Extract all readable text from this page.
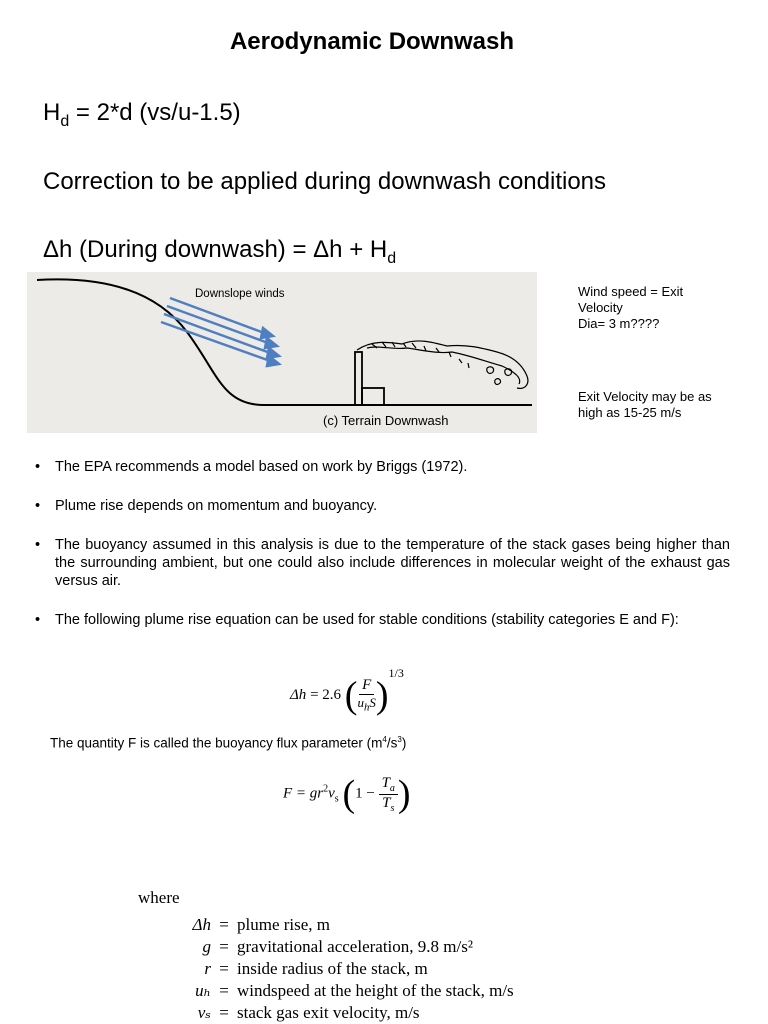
Aerodynamic Downwash
$H_d = 2*d$ (vs/u-1.5)
Correction to be applied during downwash conditions
Δh (During downwash) = $\Delta h + H_d$
Downslope winds
(c) Terrain Downwash
Wind speed = Exit
Velocity
Dia= 3 m????
Exit Velocity may be as
high as 15-25 m/s
• The EPA recommends a model based on work by Briggs (1972).
• Plume rise depends on momentum and buoyancy.
• The buoyancy assumed in this analysis is due to the temperature of the stack gases being higher than the surrounding ambient, but one could also include differences in molecular weight of the exhaust gas versus air.
• The following plume rise equation can be used for stable conditions (stability categories E and F):
Δh = 2.6 ( $\frac{F}{u_hS} )^{1/3}$
The quantity F is called the buoyancy flux parameter $(m^4/s^3)$
$F = gr^2v_s$ ($1 - \frac{T_a}{T_s}$ )
where
Δh = plume rise, m
g = gravitational acceleration, 9.8 m/s²
r = inside radius of the stack, m
uₕ = windspeed at the height of the stack, m/s
vₛ = stack gas exit velocity, m/s
